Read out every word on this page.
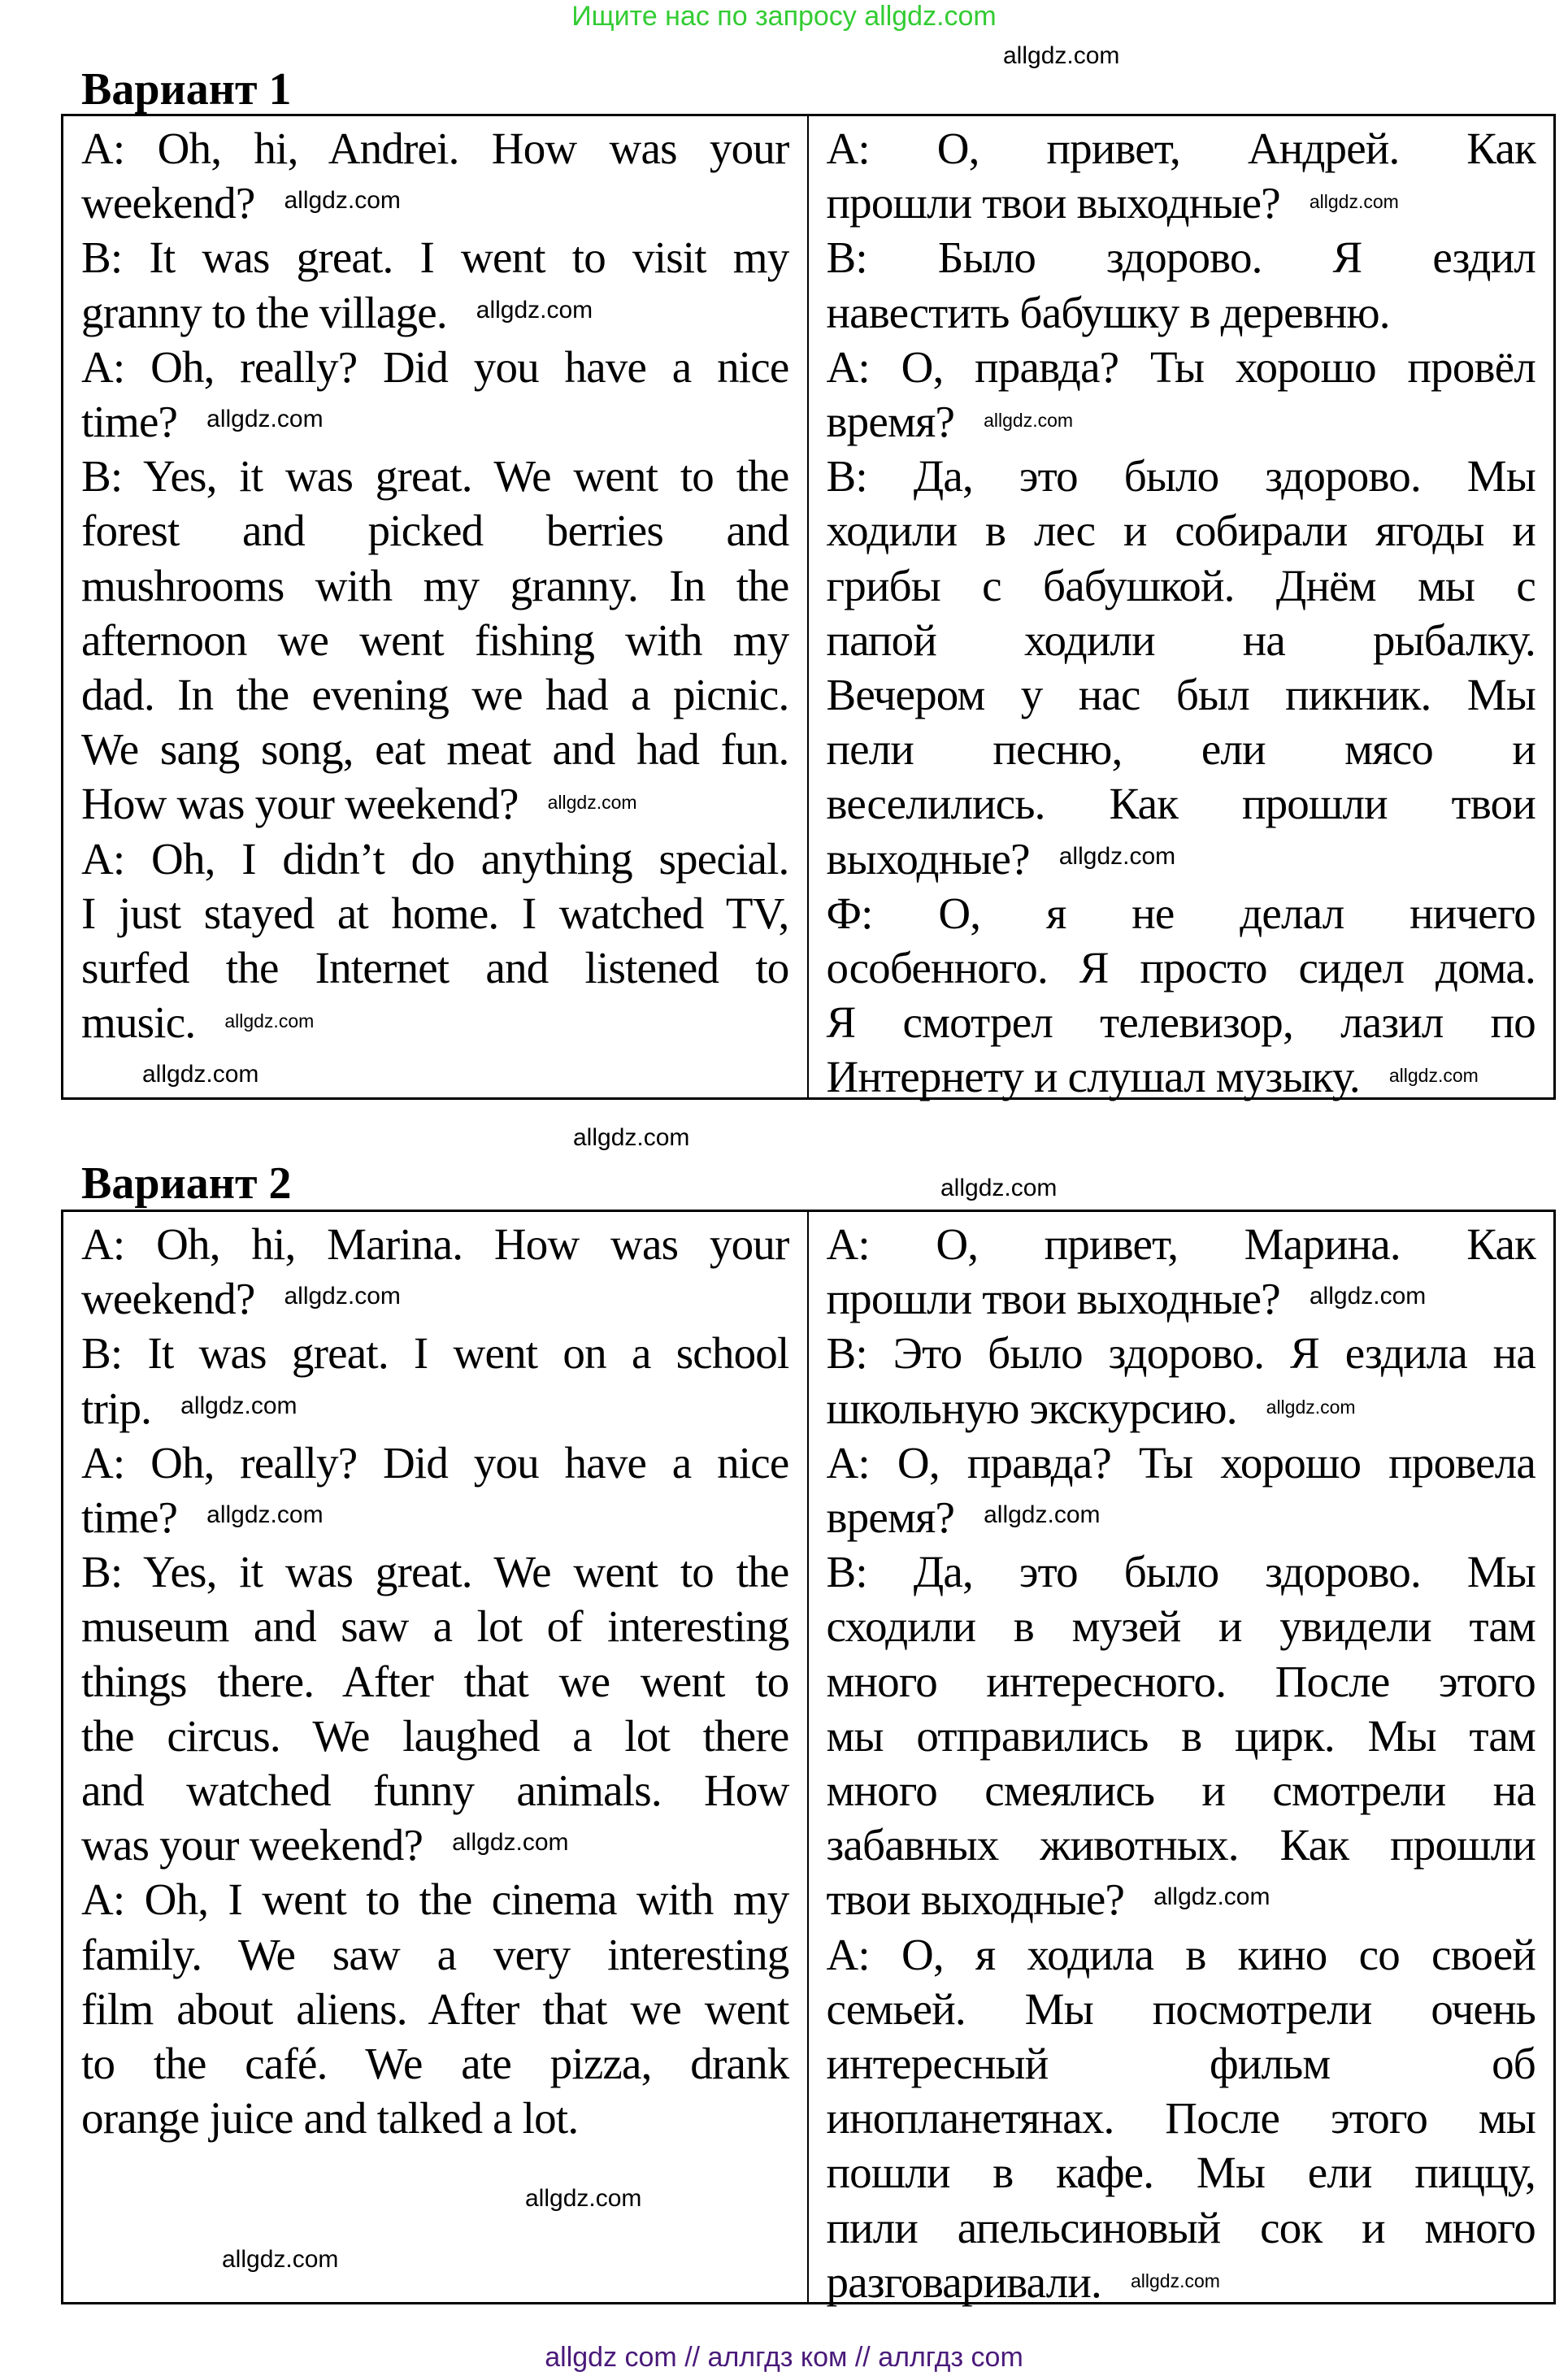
Ищите нас по запросу allgdz.com
Вариант 1
A: Oh, hi, Andrei. How was your
weekend? $^{allgdz.com}$
B: It was great. I went to visit my
granny to the village. $^{allgdz.com}$
A: Oh, really? Did you have a nice
time? $^{allgdz.com}$
B: Yes, it was great. We went to the
forest and picked berries and
mushrooms with my granny. In the
afternoon we went fishing with my
dad. In the evening we had a picnic.
We sang song, eat meat and had fun.
How was your weekend? $^{allgdz.com}$
A: Oh, I didn’t do anything special.
I just stayed at home. I watched TV,
surfed the Internet and listened to
music. $^{allgdz.com}$
А: О, привет, Андрей. Как
прошли твои выходные? $^{allgdz.com}$
В: Было здорово. Я ездил
навестить бабушку в деревню.
А: О, правда? Ты хорошо провёл
время? $^{allgdz.com}$
В: Да, это было здорово. Мы
ходили в лес и собирали ягоды и
грибы с бабушкой. Днём мы с
папой ходили на рыбалку.
Вечером у нас был пикник. Мы
пели песню, ели мясо и
веселились. Как прошли твои
выходные? $^{allgdz.com}$
Ф: О, я не делал ничего
особенного. Я просто сидел дома.
Я смотрел телевизор, лазил по
Интернету и слушал музыку. $^{allgdz.com}$
Вариант 2
A: Oh, hi, Marina. How was your
weekend? $^{allgdz.com}$
B: It was great. I went on a school
trip. $^{allgdz.com}$
A: Oh, really? Did you have a nice
time? $^{allgdz.com}$
B: Yes, it was great. We went to the
museum and saw a lot of interesting
things there. After that we went to
the circus. We laughed a lot there
and watched funny animals. How
was your weekend? $^{allgdz.com}$
A: Oh, I went to the cinema with my
family. We saw a very interesting
film about aliens. After that we went
to the café. We ate pizza, drank
orange juice and talked a lot.
А: О, привет, Марина. Как
прошли твои выходные? $^{allgdz.com}$
В: Это было здорово. Я ездила на
школьную экскурсию. $^{allgdz.com}$
А: О, правда? Ты хорошо провела
время? $^{allgdz.com}$
В: Да, это было здорово. Мы
сходили в музей и увидели там
много интересного. После этого
мы отправились в цирк. Мы там
много смеялись и смотрели на
забавных животных. Как прошли
твои выходные? $^{allgdz.com}$
А: О, я ходила в кино со своей
семьей. Мы посмотрели очень
интересный фильм об
инопланетянах. После этого мы
пошли в кафе. Мы ели пиццу,
пили апельсиновый сок и много
разговаривали. $^{allgdz.com}$
allgdz.com
allgdz.com
allgdz.com
allgdz.com
allgdz.com
allgdz.com
allgdz com // аллгдз ком // аллгдз com
